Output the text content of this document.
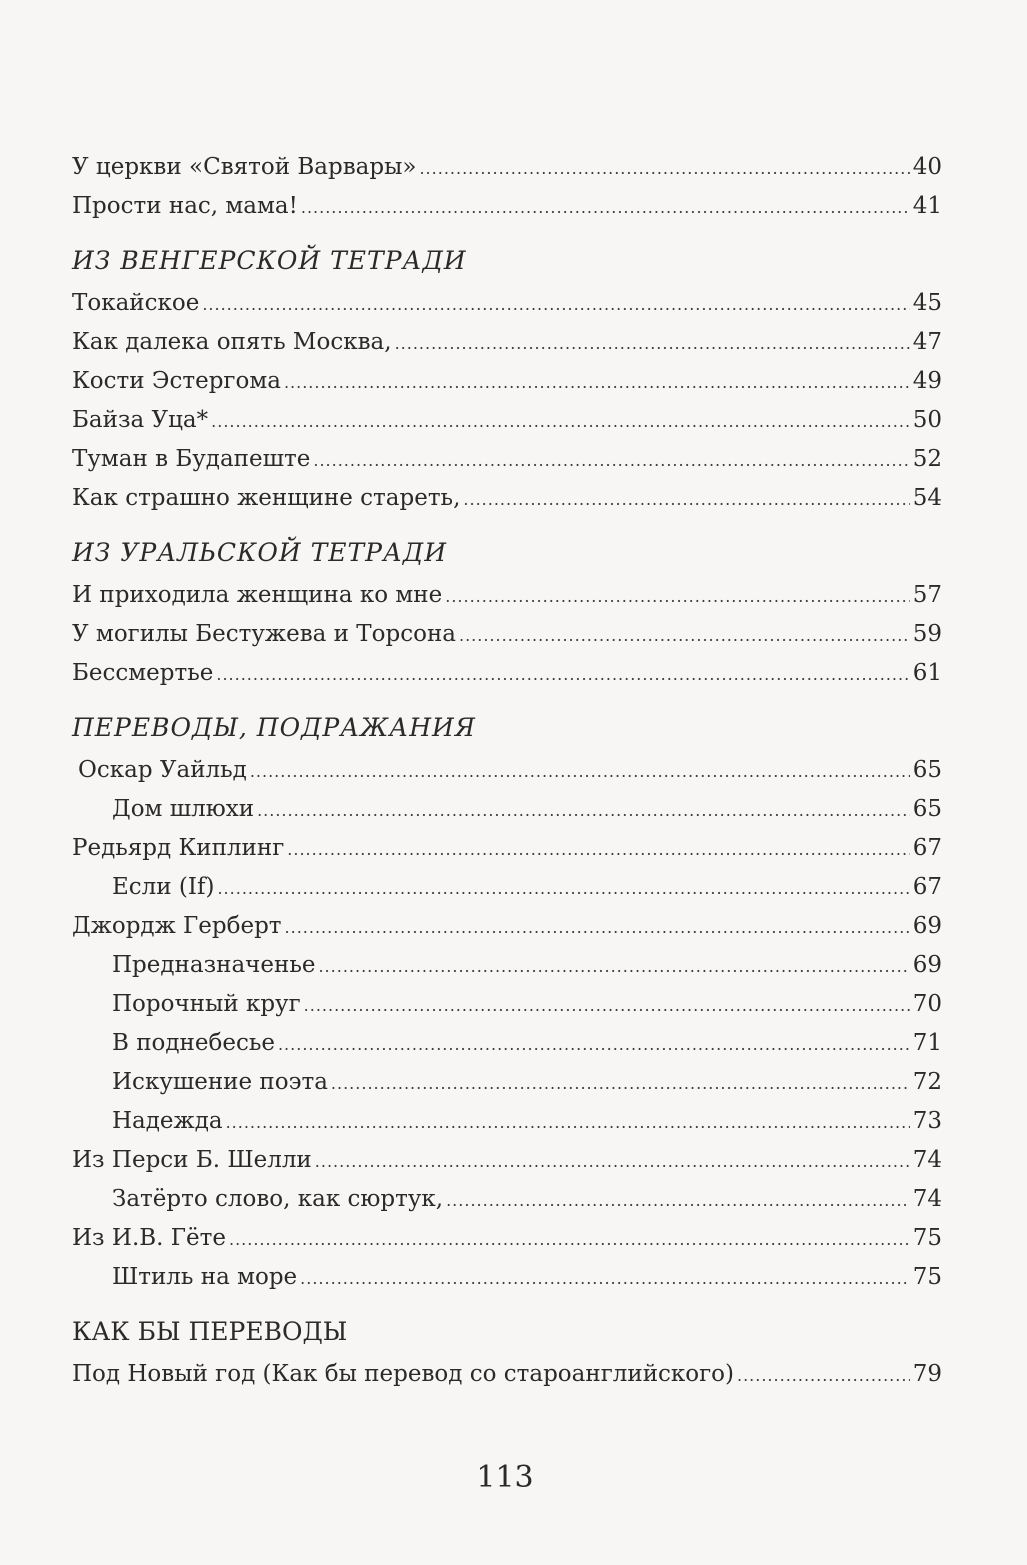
У церкви «Святой Варвары» .....	40
Прости нас, мама! .....	41
ИЗ ВЕНГЕРСКОЙ ТЕТРАДИ
Токайское .....	45
Как далека опять Москва, .....	47
Кости Эстергома .....	49
Байза Уца* .....	50
Туман в Будапеште .....	52
Как страшно женщине стареть, .....	54
ИЗ УРАЛЬСКОЙ ТЕТРАДИ
И приходила женщина ко мне .....	57
У могилы Бестужева и Торсона .....	59
Бессмертье .....	61
ПЕРЕВОДЫ, ПОДРАЖАНИЯ
Оскар Уайльд .....	65
Дом шлюхи .....	65
Редьярд Киплинг .....	67
Если (If) .....	67
Джордж Герберт .....	69
Предназначенье .....	69
Порочный круг .....	70
В поднебесье .....	71
Искушение поэта .....	72
Надежда .....	73
Из Перси Б. Шелли .....	74
Затёрто слово, как сюртук, .....	74
Из И.В. Гёте .....	75
Штиль на море .....	75
КАК БЫ ПЕРЕВОДЫ
Под Новый год (Как бы перевод со староанглийского) .....	79
113
